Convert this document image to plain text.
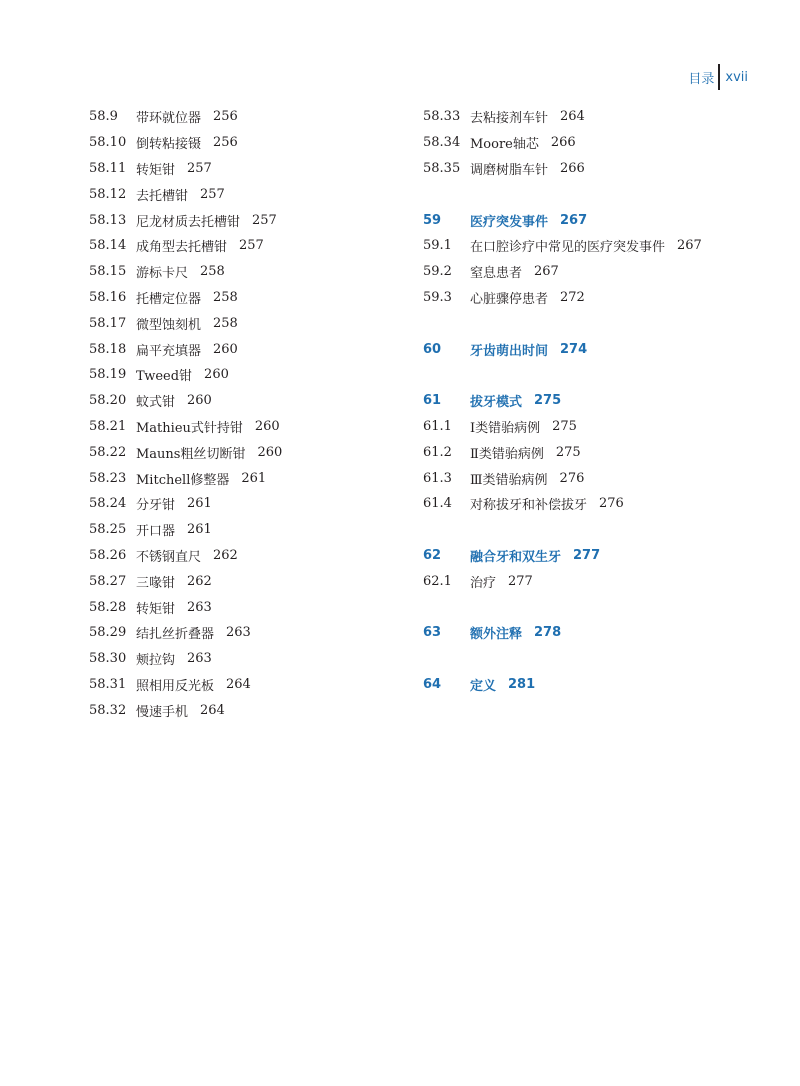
目录 xvii
58.9	带环就位器 256
58.10 倒转粘接镊 256
58.11 转矩钳 257
58.12 去托槽钳 257
58.13 尼龙材质去托槽钳 257
58.14 成角型去托槽钳 257
58.15 游标卡尺 258
58.16 托槽定位器 258
58.17 微型蚀刻机 258
58.18 扁平充填器 260
58.19 Tweed钳 260
58.20 蚊式钳 260
58.21 Mathieu式针持钳 260
58.22 Mauns粗丝切断钳 260
58.23 Mitchell修整器 261
58.24 分牙钳 261
58.25 开口器 261
58.26 不锈钢直尺 262
58.27 三喙钳 262
58.28 转矩钳 263
58.29 结扎丝折叠器 263
58.30 颊拉钩 263
58.31 照相用反光板 264
58.32 慢速手机 264
58.33 去粘接剂车针 264
58.34 Moore轴芯 266
58.35 调磨树脂车针 266
59	医疗突发事件 267
59.1	在口腔诊疗中常见的医疗突发事件 267
59.2	窒息患者 267
59.3	心脏骤停患者 272
60	牙齿萌出时间 274
61	拔牙模式 275
61.1	Ⅰ类错骀病例 275
61.2	Ⅱ类错骀病例 275
61.3	Ⅲ类错骀病例 276
61.4	对称拔牙和补偿拔牙 276
62	融合牙和双生牙 277
62.1	治疗 277
63	额外注释 278
64	定义 281
